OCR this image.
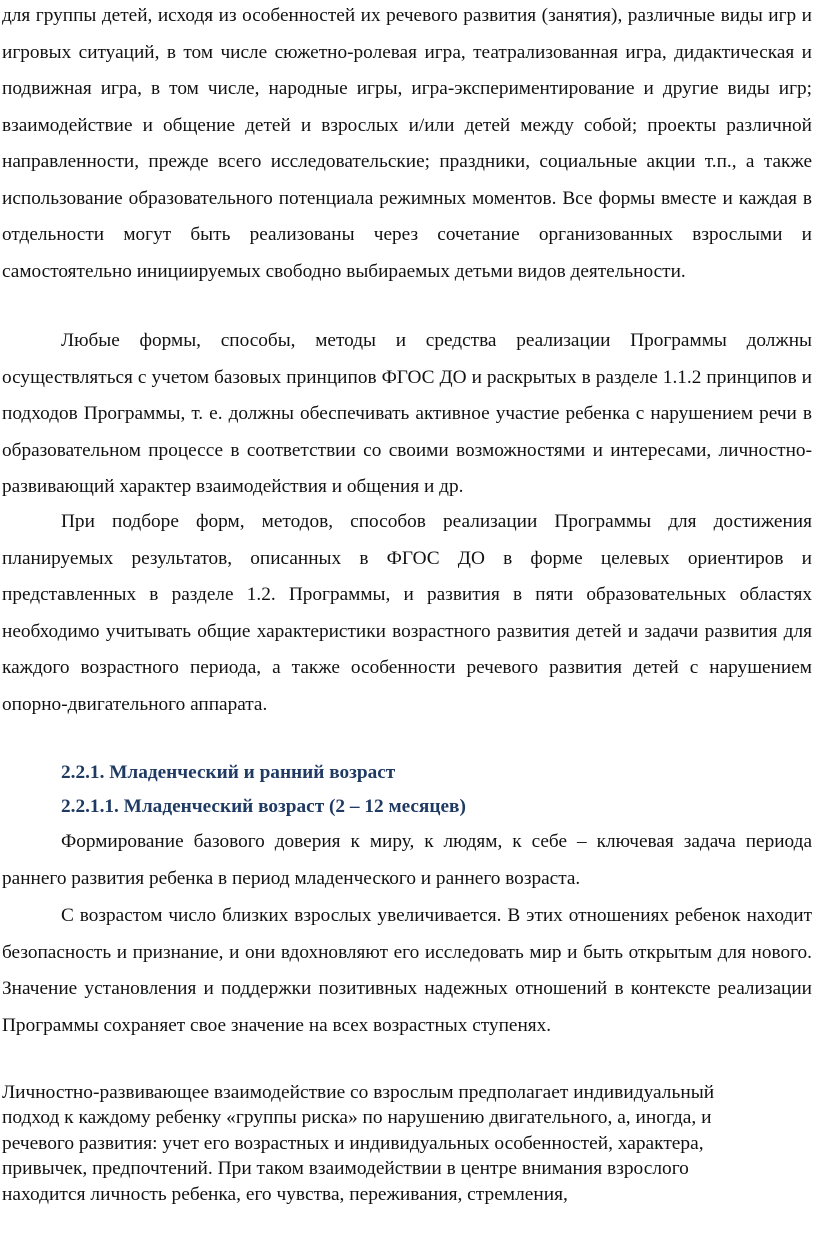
для группы детей, исходя из особенностей их речевого развития (занятия), различные виды игр и игровых ситуаций, в том числе сюжетно-ролевая игра, театрализованная игра, дидактическая и подвижная игра, в том числе, народные игры, игра-экспериментирование и другие виды игр; взаимодействие и общение детей и взрослых и/или детей между собой; проекты различной направленности, прежде всего исследовательские; праздники, социальные акции т.п., а также использование образовательного потенциала режимных моментов. Все формы вместе и каждая в отдельности могут быть реализованы через сочетание организованных взрослыми и самостоятельно инициируемых свободно выбираемых детьми видов деятельности.

Любые формы, способы, методы и средства реализации Программы должны осуществляться с учетом базовых принципов ФГОС ДО и раскрытых в разделе 1.1.2 принципов и подходов Программы, т. е. должны обеспечивать активное участие ребенка с нарушением речи в образовательном процессе в соответствии со своими возможностями и интересами, личностно-развивающий характер взаимодействия и общения и др.

При подборе форм, методов, способов реализации Программы для достижения планируемых результатов, описанных в ФГОС ДО в форме целевых ориентиров и представленных в разделе 1.2. Программы, и развития в пяти образовательных областях необходимо учитывать общие характеристики возрастного развития детей и задачи развития для каждого возрастного периода, а также особенности речевого развития детей с нарушением опорно-двигательного аппарата.

2.2.1. Младенческий и ранний возраст
2.2.1.1. Младенческий возраст (2 – 12 месяцев)

Формирование базового доверия к миру, к людям, к себе – ключевая задача периода раннего развития ребенка в период младенческого и раннего возраста.

С возрастом число близких взрослых увеличивается. В этих отношениях ребенок находит безопасность и признание, и они вдохновляют его исследовать мир и быть открытым для нового. Значение установления и поддержки позитивных надежных отношений в контексте реализации Программы сохраняет свое значение на всех возрастных ступенях.

Личностно-развивающее взаимодействие со взрослым предполагает индивидуальный
подход к каждому ребенку «группы риска» по нарушению двигательного, а, иногда, и
речевого развития: учет его возрастных и индивидуальных особенностей, характера,
привычек, предпочтений. При таком взаимодействии в центре внимания взрослого
находится личность ребенка, его чувства, переживания, стремления,
